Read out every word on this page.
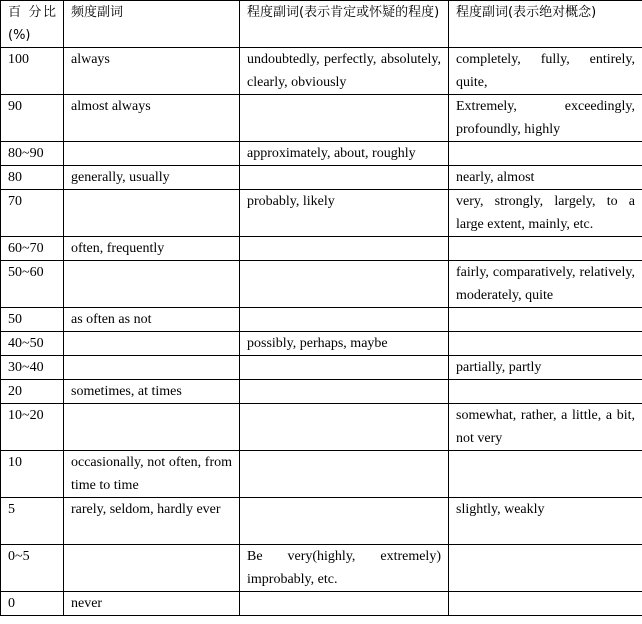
百 分比(%)	频度副词	程度副词(表示肯定或怀疑的程度)	程度副词(表示绝对概念)
100	always	undoubtedly, perfectly, absolutely, clearly, obviously	completely, fully, entirely, quite,
90	almost always		Extremely, exceedingly, profoundly, highly
80~90		approximately, about, roughly	
80	generally, usually		nearly, almost
70		probably, likely	very, strongly, largely, to a large extent, mainly, etc.
60~70	often, frequently		
50~60			fairly, comparatively, relatively, moderately, quite
50	as often as not		
40~50		possibly, perhaps, maybe	
30~40			partially, partly
20	sometimes, at times		
10~20			somewhat, rather, a little, a bit, not very
10	occasionally, not often, from time to time		
5	rarely, seldom, hardly ever		slightly, weakly
0~5		Be very(highly, extremely) improbably, etc.	
0	never		
